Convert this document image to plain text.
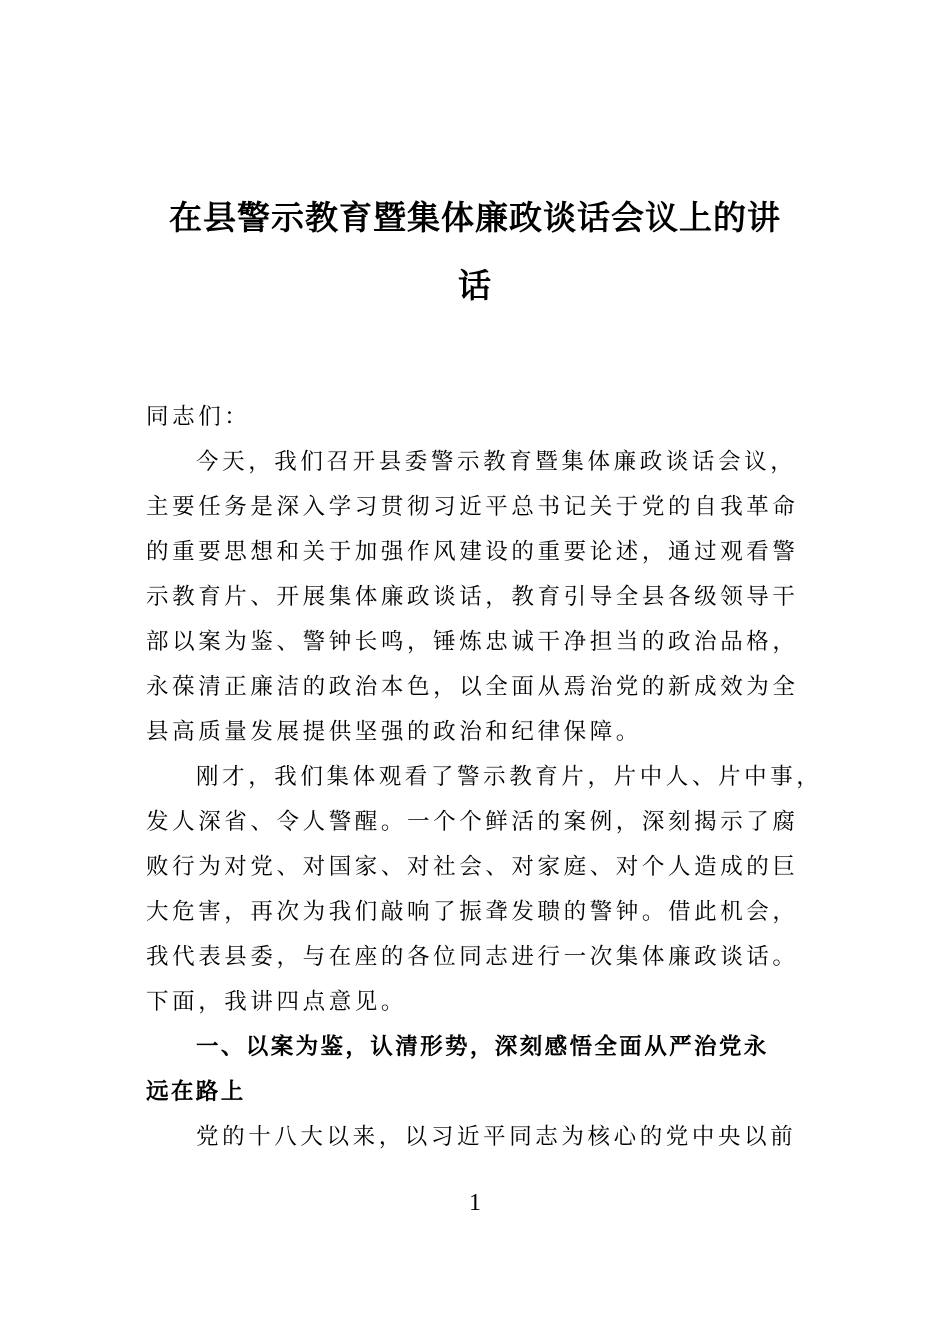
在县警示教育暨集体廉政谈话会议上的讲
话
同志们：
今天，我们召开县委警示教育暨集体廉政谈话会议，
主要任务是深入学习贯彻习近平总书记关于党的自我革命
的重要思想和关于加强作风建设的重要论述，通过观看警
示教育片、开展集体廉政谈话，教育引导全县各级领导干
部以案为鉴、警钟长鸣，锤炼忠诚干净担当的政治品格，
永葆清正廉洁的政治本色，以全面从焉治党的新成效为全
县高质量发展提供坚强的政治和纪律保障。
刚才，我们集体观看了警示教育片，片中人、片中事，
发人深省、令人警醒。一个个鲜活的案例，深刻揭示了腐
败行为对党、对国家、对社会、对家庭、对个人造成的巨
大危害，再次为我们敲响了振聋发聩的警钟。借此机会，
我代表县委，与在座的各位同志进行一次集体廉政谈话。
下面，我讲四点意见。
一、以案为鉴，认清形势，深刻感悟全面从严治党永
远在路上
党的十八大以来，以习近平同志为核心的党中央以前
1
